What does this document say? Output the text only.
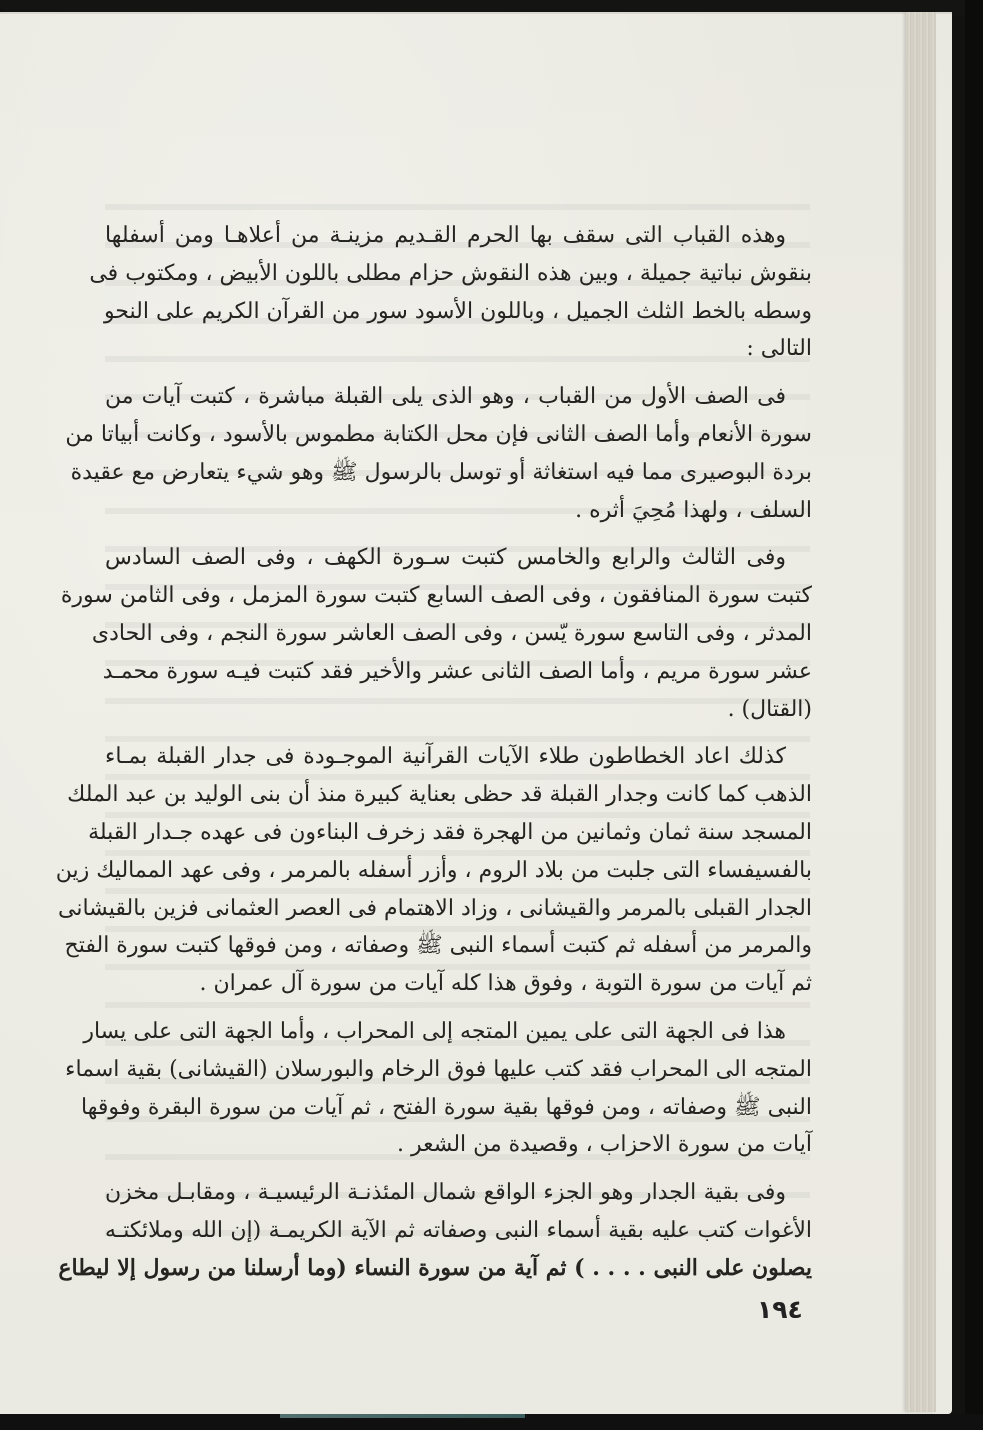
وهذه القباب التى سقف بها الحرم القـديم مزينـة من أعلاهـا ومن أسفلها
بنقوش نباتية جميلة ، وبين هذه النقوش حزام مطلى باللون الأبيض ، ومكتوب فى
وسطه بالخط الثلث الجميل ، وباللون الأسود سور من القرآن الكريم على النحو
التالى :
فى الصف الأول من القباب ، وهو الذى يلى القبلة مباشرة ، كتبت آيات من
سورة الأنعام وأما الصف الثانى فإن محل الكتابة مطموس بالأسود ، وكانت أبياتا من
بردة البوصيرى مما فيه استغاثة أو توسل بالرسول ﷺ وهو شيء يتعارض مع عقيدة
السلف ، ولهذا مُحِيَ أثره .
وفى الثالث والرابع والخامس كتبت سـورة الكهف ، وفى الصف السادس
كتبت سورة المنافقون ، وفى الصف السابع كتبت سورة المزمل ، وفى الثامن سورة
المدثر ، وفى التاسع سورة يّسن ، وفى الصف العاشر سورة النجم ، وفى الحادى
عشر سورة مريم ، وأما الصف الثانى عشر والأخير فقد كتبت فيـه سورة محمـد
(القتال) .
كذلك اعاد الخطاطون طلاء الآيات القرآنية الموجـودة فى جدار القبلة بمـاء
الذهب كما كانت وجدار القبلة قد حظى بعناية كبيرة منذ أن بنى الوليد بن عبد الملك
المسجد سنة ثمان وثمانين من الهجرة فقد زخرف البناءون فى عهده جـدار القبلة
بالفسيفساء التى جلبت من بلاد الروم ، وأزر أسفله بالمرمر ، وفى عهد المماليك زين
الجدار القبلى بالمرمر والقيشانى ، وزاد الاهتمام فى العصر العثمانى فزين بالقيشانى
والمرمر من أسفله ثم كتبت أسماء النبى ﷺ وصفاته ، ومن فوقها كتبت سورة الفتح
ثم آيات من سورة التوبة ، وفوق هذا كله آيات من سورة آل عمران .
هذا فى الجهة التى على يمين المتجه إلى المحراب ، وأما الجهة التى على يسار
المتجه الى المحراب فقد كتب عليها فوق الرخام والبورسلان (القيشانى) بقية اسماء
النبى ﷺ وصفاته ، ومن فوقها بقية سورة الفتح ، ثم آيات من سورة البقرة وفوقها
آيات من سورة الاحزاب ، وقصيدة من الشعر .
وفى بقية الجدار وهو الجزء الواقع شمال المئذنـة الرئيسيـة ، ومقابـل مخزن
الأغوات كتب عليه بقية أسماء النبى وصفاته ثم الآية الكريمـة (إن الله وملائكتـه
يصلون على النبى . . . . ) ثم آية من سورة النساء (وما أرسلنا من رسول إلا ليطاع
١٩٤
